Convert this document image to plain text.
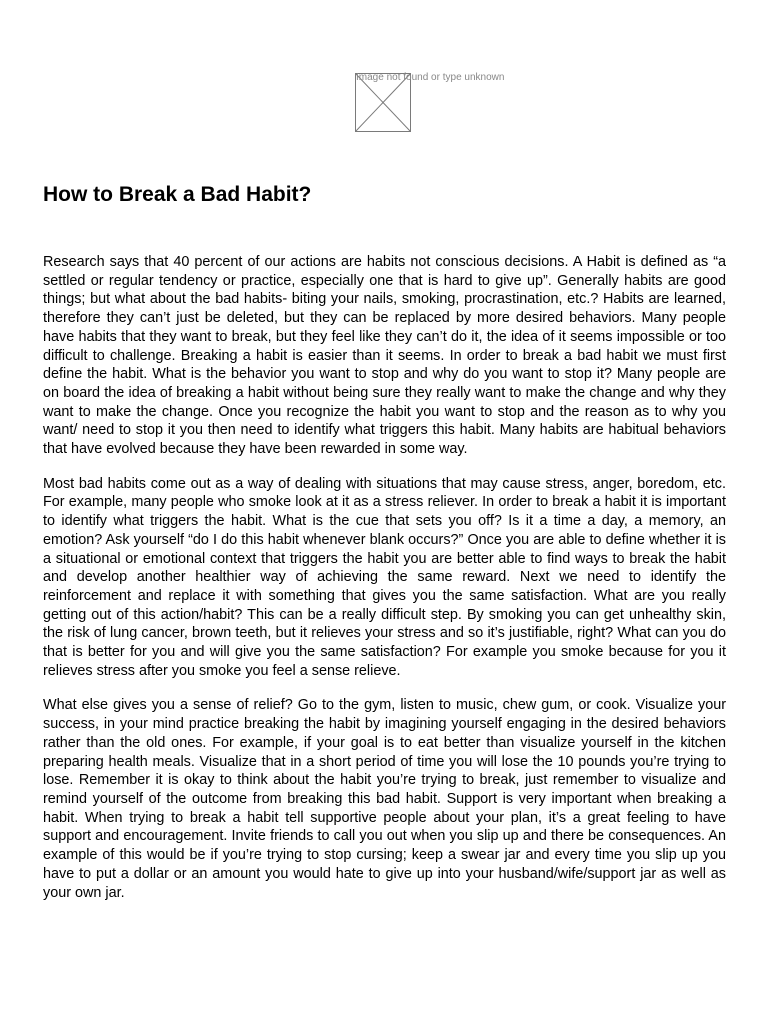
Image not found or type unknown
How to Break a Bad Habit?

Research says that 40 percent of our actions are habits not conscious decisions. A Habit is defined as “a settled or regular tendency or practice, especially one that is hard to give up”. Generally habits are good things; but what about the bad habits- biting your nails, smoking, procrastination, etc.? Habits are learned, therefore they can’t just be deleted, but they can be replaced by more desired behaviors. Many people have habits that they want to break, but they feel like they can’t do it, the idea of it seems impossible or too difficult to challenge. Breaking a habit is easier than it seems. In order to break a bad habit we must first define the habit. What is the behavior you want to stop and why do you want to stop it? Many people are on board the idea of breaking a habit without being sure they really want to make the change and why they want to make the change. Once you recognize the habit you want to stop and the reason as to why you want/ need to stop it you then need to identify what triggers this habit. Many habits are habitual behaviors that have evolved because they have been rewarded in some way.

Most bad habits come out as a way of dealing with situations that may cause stress, anger, boredom, etc. For example, many people who smoke look at it as a stress reliever. In order to break a habit it is important to identify what triggers the habit. What is the cue that sets you off? Is it a time a day, a memory, an emotion? Ask yourself “do I do this habit whenever blank occurs?” Once you are able to define whether it is a situational or emotional context that triggers the habit you are better able to find ways to break the habit and develop another healthier way of achieving the same reward. Next we need to identify the reinforcement and replace it with something that gives you the same satisfaction. What are you really getting out of this action/habit? This can be a really difficult step. By smoking you can get unhealthy skin, the risk of lung cancer, brown teeth, but it relieves your stress and so it’s justifiable, right? What can you do that is better for you and will give you the same satisfaction? For example you smoke because for you it relieves stress after you smoke you feel a sense relieve.

What else gives you a sense of relief? Go to the gym, listen to music, chew gum, or cook. Visualize your success, in your mind practice breaking the habit by imagining yourself engaging in the desired behaviors rather than the old ones. For example, if your goal is to eat better than visualize yourself in the kitchen preparing health meals. Visualize that in a short period of time you will lose the 10 pounds you’re trying to lose. Remember it is okay to think about the habit you’re trying to break, just remember to visualize and remind yourself of the outcome from breaking this bad habit. Support is very important when breaking a habit. When trying to break a habit tell supportive people about your plan, it’s a great feeling to have support and encouragement. Invite friends to call you out when you slip up and there be consequences. An example of this would be if you’re trying to stop cursing; keep a swear jar and every time you slip up you have to put a dollar or an amount you would hate to give up into your husband/wife/support jar as well as your own jar.
